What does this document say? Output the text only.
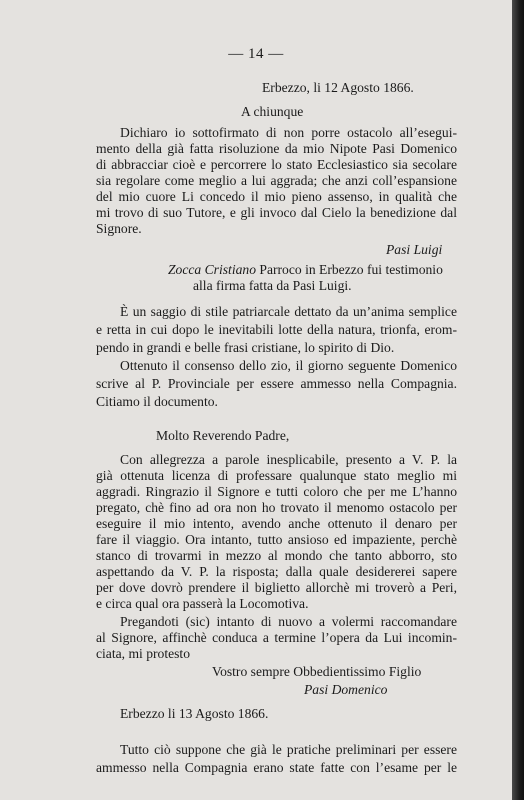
— 14 —
Erbezzo, li 12 Agosto 1866.
A chiunque
Dichiaro io sottofirmato di non porre ostacolo all’esegui-
mento della già fatta risoluzione da mio Nipote Pasi Domenico
di abbracciar cioè e percorrere lo stato Ecclesiastico sia secolare
sia regolare come meglio a lui aggrada; che anzi coll’espansione
del mio cuore Li concedo il mio pieno assenso, in qualità che
mi trovo di suo Tutore, e gli invoco dal Cielo la benedizione dal
Signore.
Pasi Luigi
Zocca Cristiano Parroco in Erbezzo fui testimonio
alla firma fatta da Pasi Luigi.
È un saggio di stile patriarcale dettato da un’anima semplice
e retta in cui dopo le inevitabili lotte della natura, trionfa, erom-
pendo in grandi e belle frasi cristiane, lo spirito di Dio.
Ottenuto il consenso dello zio, il giorno seguente Domenico
scrive al P. Provinciale per essere ammesso nella Compagnia.
Citiamo il documento.
Molto Reverendo Padre,
Con allegrezza a parole inesplicabile, presento a V. P. la
già ottenuta licenza di professare qualunque stato meglio mi
aggradi. Ringrazio il Signore e tutti coloro che per me L’hanno
pregato, chè fino ad ora non ho trovato il menomo ostacolo per
eseguire il mio intento, avendo anche ottenuto il denaro per
fare il viaggio. Ora intanto, tutto ansioso ed impaziente, perchè
stanco di trovarmi in mezzo al mondo che tanto abborro, sto
aspettando da V. P. la risposta; dalla quale desidererei sapere
per dove dovrò prendere il biglietto allorchè mi troverò a Peri,
e circa qual ora passerà la Locomotiva.
Pregandoti (sic) intanto di nuovo a volermi raccomandare
al Signore, affinchè conduca a termine l’opera da Lui incomin-
ciata, mi protesto
Vostro sempre Obbedientissimo Figlio
Pasi Domenico
Erbezzo li 13 Agosto 1866.
Tutto ciò suppone che già le pratiche preliminari per essere
ammesso nella Compagnia erano state fatte con l’esame per le
